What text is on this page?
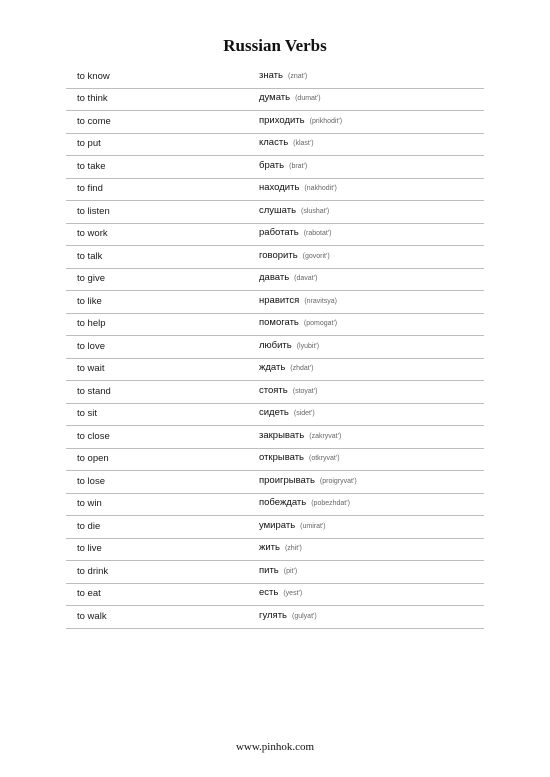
Russian Verbs
to know	знать (znat')
to think	думать (dumat')
to come	приходить (prikhodit')
to put	класть (klast')
to take	брать (brat')
to find	находить (nakhodit')
to listen	слушать (slushat')
to work	работать (rabotat')
to talk	говорить (govorit')
to give	давать (davat')
to like	нравится (nravitsya)
to help	помогать (pomogat')
to love	любить (lyubit')
to wait	ждать (zhdat')
to stand	стоять (stoyat')
to sit	сидеть (sidet')
to close	закрывать (zakryvat')
to open	открывать (otkryvat')
to lose	проигрывать (proigryvat')
to win	побеждать (pobezhdat')
to die	умирать (umirat')
to live	жить (zhit')
to drink	пить (pit')
to eat	есть (yest')
to walk	гулять (gulyat')
www.pinhok.com
